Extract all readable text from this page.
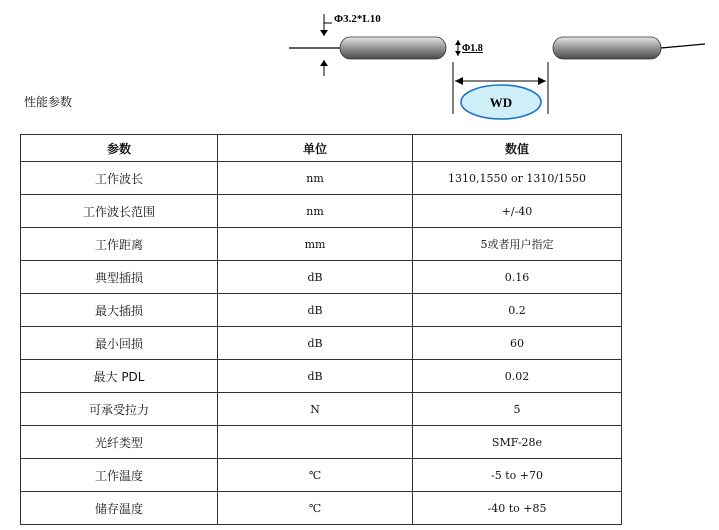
Φ3.2*L10
Φ1.8
WD
性能参数
参数	单位	数值
工作波长	nm	1310,1550 or 1310/1550
工作波长范围	nm	+/-40
工作距离	mm	5或者用户指定
典型插损	dB	0.16
最大插损	dB	0.2
最小回损	dB	60
最大 PDL	dB	0.02
可承受拉力	N	5
光纤类型		SMF-28e
工作温度	℃	-5 to +70
储存温度	℃	-40 to +85
